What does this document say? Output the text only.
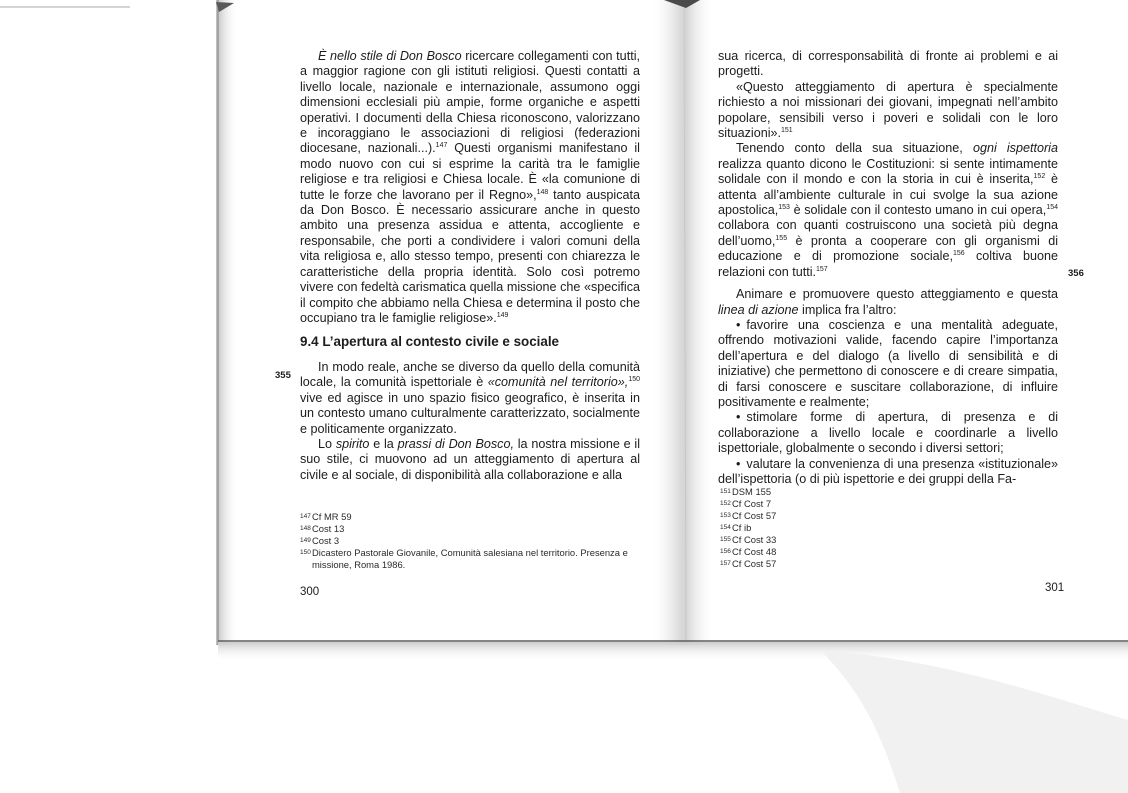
È nello stile di Don Bosco ricercare collegamenti con tutti, a maggior ragione con gli istituti religiosi. Questi contatti a livello locale, nazionale e internazionale, assumono oggi dimensioni ecclesiali più ampie, forme organiche e aspetti operativi. I documenti della Chiesa riconoscono, valorizzano e incoraggiano le associazioni di religiosi (federazioni diocesane, nazionali...).$^{147}$ Questi organismi manifestano il modo nuovo con cui si esprime la carità tra le famiglie religiose e tra religiosi e Chiesa locale. È «la comunione di tutte le forze che lavorano per il Regno»,$^{148}$ tanto auspicata da Don Bosco. È necessario assicurare anche in questo ambito una presenza assidua e attenta, accogliente e responsabile, che porti a condividere i valori comuni della vita religiosa e, allo stesso tempo, presenti con chiarezza le caratteristiche della propria identità. Solo così potremo vivere con fedeltà carismatica quella missione che «specifica il compito che abbiamo nella Chiesa e determina il posto che occupiano tra le famiglie religiose».$^{149}$

9.4 L’apertura al contesto civile e sociale
355

In modo reale, anche se diverso da quello della comunità locale, la comunità ispettoriale è «comunità nel territorio»,$^{150}$ vive ed agisce in uno spazio fisico geografico, è inserita in un contesto umano culturalmente caratterizzato, socialmente e politicamente organizzato.

Lo spirito e la prassi di Don Bosco, la nostra missione e il suo stile, ci muovono ad un atteggiamento di apertura al civile e al sociale, di disponibilità alla collaborazione e alla

147 Cf MR 59
148 Cost 13
149 Cost 3
150 Dicastero Pastorale Giovanile, Comunità salesiana nel territorio. Presenza e missione, Roma 1986.
300

sua ricerca, di corresponsabilità di fronte ai problemi e ai progetti.

«Questo atteggiamento di apertura è specialmente richiesto a noi missionari dei giovani, impegnati nell’ambito popolare, sensibili verso i poveri e solidali con le loro situazioni».$^{151}$

Tenendo conto della sua situazione, ogni ispettoria realizza quanto dicono le Costituzioni: si sente intimamente solidale con il mondo e con la storia in cui è inserita,$^{152}$ è attenta all’ambiente culturale in cui svolge la sua azione apostolica,$^{153}$ è solidale con il contesto umano in cui opera,$^{154}$ collabora con quanti costruiscono una società più degna dell’uomo,$^{155}$ è pronta a cooperare con gli organismi di educazione e di promozione sociale,$^{156}$ coltiva buone relazioni con tutti.$^{157}$

Animare e promuovere questo atteggiamento e questa linea di azione implica fra l’altro:

• favorire una coscienza e una mentalità adeguate, offrendo motivazioni valide, facendo capire l’importanza dell’apertura e del dialogo (a livello di sensibilità e di iniziative) che permettono di conoscere e di creare simpatia, di farsi conoscere e suscitare collaborazione, di influire positivamente e realmente;

• stimolare forme di apertura, di presenza e di collaborazione a livello locale e coordinarle a livello ispettoriale, globalmente o secondo i diversi settori;

• valutare la convenienza di una presenza «istituzionale» dell’ispettoria (o di più ispettorie e dei gruppi della Fa-

356
151 DSM 155
152 Cf Cost 7
153 Cf Cost 57
154 Cf ib
155 Cf Cost 33
156 Cf Cost 48
157 Cf Cost 57
301
